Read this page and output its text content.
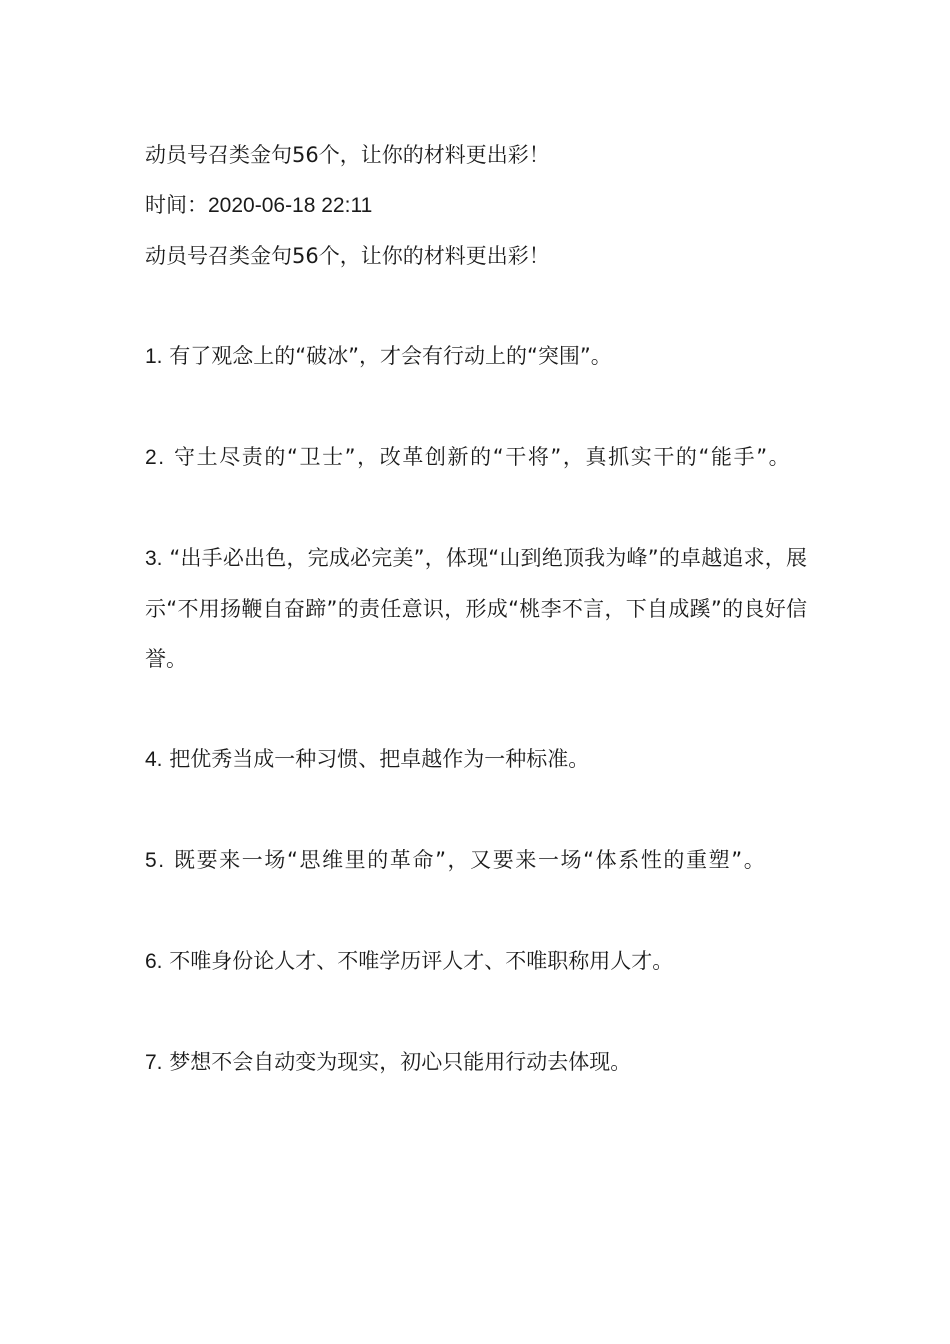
动员号召类金句56个，让你的材料更出彩！

时间：2020-06-18 22:11

动员号召类金句56个，让你的材料更出彩！

1. 有了观念上的“破冰”，才会有行动上的“突围”。

2. 守土尽责的“卫士”，改革创新的“干将”，真抓实干的“能手”。

3. “出手必出色，完成必完美”，体现“山到绝顶我为峰”的卓越追求，展示“不用扬鞭自奋蹄”的责任意识，形成“桃李不言，下自成蹊”的良好信誉。

4. 把优秀当成一种习惯、把卓越作为一种标准。

5. 既要来一场“思维里的革命”，又要来一场“体系性的重塑”。

6. 不唯身份论人才、不唯学历评人才、不唯职称用人才。

7. 梦想不会自动变为现实，初心只能用行动去体现。
